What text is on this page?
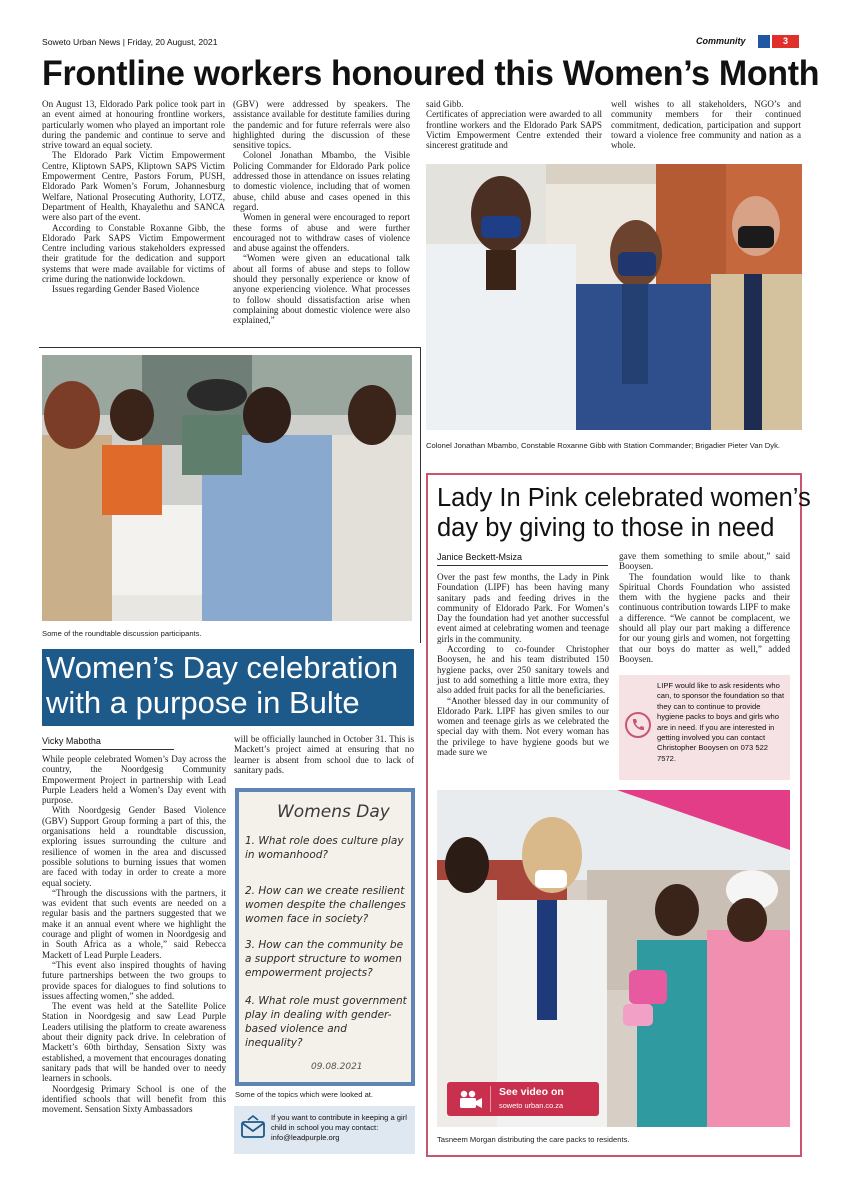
Soweto Urban News | Friday, 20 August, 2021	Community	3
Frontline workers honoured this Women’s Month

On August 13, Eldorado Park police took part in an event aimed at honouring frontline workers, particularly women who played an important role during the pandemic and continue to serve and strive toward an equal society.

The Eldorado Park Victim Empowerment Centre, Kliptown SAPS, Kliptown SAPS Victim Empowerment Centre, Pastors Forum, PUSH, Eldorado Park Women’s Forum, Johannesburg Welfare, National Prosecuting Authority, LOTZ, Department of Health, Khayalethu and SANCA were also part of the event.

According to Constable Roxanne Gibb, the Eldorado Park SAPS Victim Empowerment Centre including various stakeholders expressed their gratitude for the dedication and support systems that were made available for victims of crime during the nationwide lockdown.

Issues regarding Gender Based Violence

(GBV) were addressed by speakers. The assistance available for destitute families during the pandemic and for future referrals were also highlighted during the discussion of these sensitive topics.

Colonel Jonathan Mbambo, the Visible Policing Commander for Eldorado Park police addressed those in attendance on issues relating to domestic violence, including that of women abuse, child abuse and cases opened in this regard.

Women in general were encouraged to report these forms of abuse and were further encouraged not to withdraw cases of violence and abuse against the offenders.

“Women were given an educational talk about all forms of abuse and steps to follow should they personally experience or know of anyone experiencing violence. What processes to follow should dissatisfaction arise when complaining about domestic violence were also explained,”

said Gibb.

Certificates of appreciation were awarded to all frontline workers and the Eldorado Park SAPS Victim Empowerment Centre extended their sincerest gratitude and

well wishes to all stakeholders, NGO’s and community members for their continued commitment, dedication, participation and support toward a violence free community and nation as a whole.

Colonel Jonathan Mbambo, Constable Roxanne Gibb with Station Commander; Brigadier Pieter Van Dyk.
Some of the roundtable discussion participants.
Women’s Day celebration
with a purpose in Bulte
Vicky Mabotha

While people celebrated Women’s Day across the country, the Noordgesig Community Empowerment Project in partnership with Lead Purple Leaders held a Women’s Day event with purpose.

With Noordgesig Gender Based Violence (GBV) Support Group forming a part of this, the organisations held a roundtable discussion, exploring issues surrounding the culture and resilience of women in the area and discussed possible solutions to burning issues that women are faced with today in order to create a more equal society.

“Through the discussions with the partners, it was evident that such events are needed on a regular basis and the partners suggested that we make it an annual event where we highlight the courage and plight of women in Noordgesig and in South Africa as a whole,” said Rebecca Mackett of Lead Purple Leaders.

“This event also inspired thoughts of having future partnerships between the two groups to provide spaces for dialogues to find solutions to issues affecting women,” she added.

The event was held at the Satellite Police Station in Noordgesig and saw Lead Purple Leaders utilising the platform to create awareness about their dignity pack drive. In celebration of Mackett’s 60th birthday, Sensation Sixty was established, a movement that encourages donating sanitary pads that will be handed over to needy learners in schools.

Noordgesig Primary School is one of the identified schools that will benefit from this movement. Sensation Sixty Ambassadors

will be officially launched in October 31. This is Mackett’s project aimed at ensuring that no learner is absent from school due to lack of sanitary pads.

Womens Day
1. What role does culture play in womanhood?
2. How can we create resilient women despite the challenges women face in society?
3. How can the community be a support structure to women empowerment projects?
4. What role must government play in dealing with gender-based violence and inequality?
09.08.2021
Some of the topics which were looked at.
If you want to contribute in keeping a girl child in school you may contact: info@leadpurple.org
Lady In Pink celebrated women’s
day by giving to those in need
Janice Beckett-Msiza

Over the past few months, the Lady in Pink Foundation (LIPF) has been having many sanitary pads and feeding drives in the community of Eldorado Park. For Women’s Day the foundation had yet another successful event aimed at celebrating women and teenage girls in the community.

According to co-founder Christopher Booysen, he and his team distributed 150 hygiene packs, over 250 sanitary towels and just to add something a little more extra, they also added fruit packs for all the beneficiaries.

“Another blessed day in our community of Eldorado Park. LIPF has given smiles to our women and teenage girls as we celebrated the special day with them. Not every woman has the privilege to have hygiene goods but we made sure we

gave them something to smile about,” said Booysen.

The foundation would like to thank Spiritual Chords Foundation who assisted them with the hygiene packs and their continuous contribution towards LIPF to make a difference. “We cannot be complacent, we should all play our part making a difference for our young girls and women, not forgetting that our boys do matter as well,” added Booysen.

LIPF would like to ask residents who can, to sponsor the foundation so that they can to continue to provide hygiene packs to boys and girls who are in need. If you are interested in getting involved you can contact Christopher Booysen on 073 522 7572.
See video on
soweto urban.co.za
Tasneem Morgan distributing the care packs to residents.
